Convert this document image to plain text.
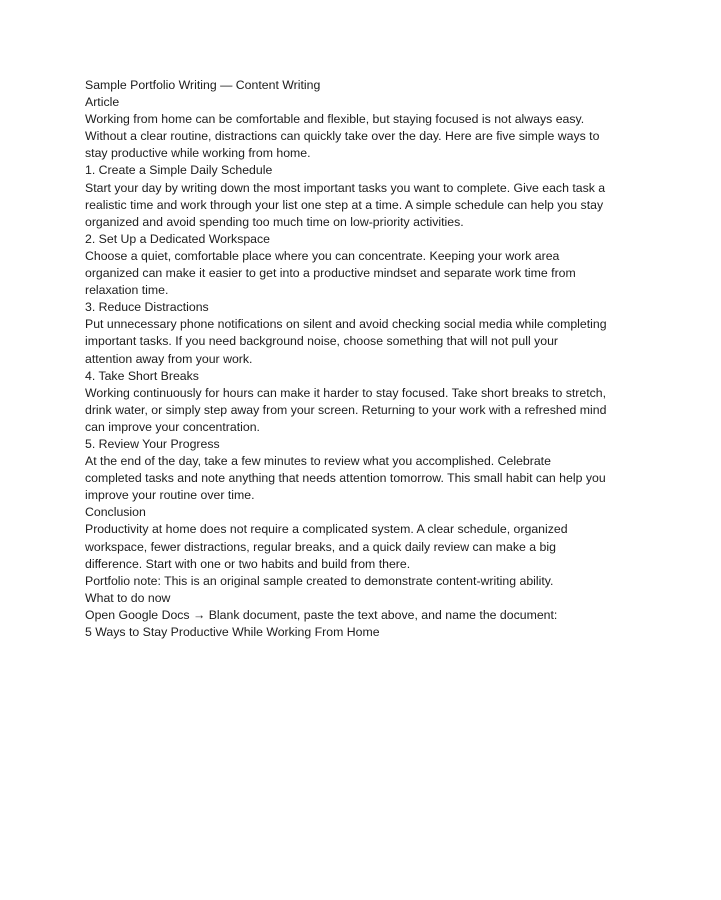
Sample Portfolio Writing — Content Writing
Article
Working from home can be comfortable and flexible, but staying focused is not always easy.
Without a clear routine, distractions can quickly take over the day. Here are five simple ways to
stay productive while working from home.
1. Create a Simple Daily Schedule
Start your day by writing down the most important tasks you want to complete. Give each task a
realistic time and work through your list one step at a time. A simple schedule can help you stay
organized and avoid spending too much time on low-priority activities.
2. Set Up a Dedicated Workspace
Choose a quiet, comfortable place where you can concentrate. Keeping your work area
organized can make it easier to get into a productive mindset and separate work time from
relaxation time.
3. Reduce Distractions
Put unnecessary phone notifications on silent and avoid checking social media while completing
important tasks. If you need background noise, choose something that will not pull your
attention away from your work.
4. Take Short Breaks
Working continuously for hours can make it harder to stay focused. Take short breaks to stretch,
drink water, or simply step away from your screen. Returning to your work with a refreshed mind
can improve your concentration.
5. Review Your Progress
At the end of the day, take a few minutes to review what you accomplished. Celebrate
completed tasks and note anything that needs attention tomorrow. This small habit can help you
improve your routine over time.
Conclusion
Productivity at home does not require a complicated system. A clear schedule, organized
workspace, fewer distractions, regular breaks, and a quick daily review can make a big
difference. Start with one or two habits and build from there.
Portfolio note: This is an original sample created to demonstrate content-writing ability.
What to do now
Open Google Docs → Blank document, paste the text above, and name the document:
5 Ways to Stay Productive While Working From Home
